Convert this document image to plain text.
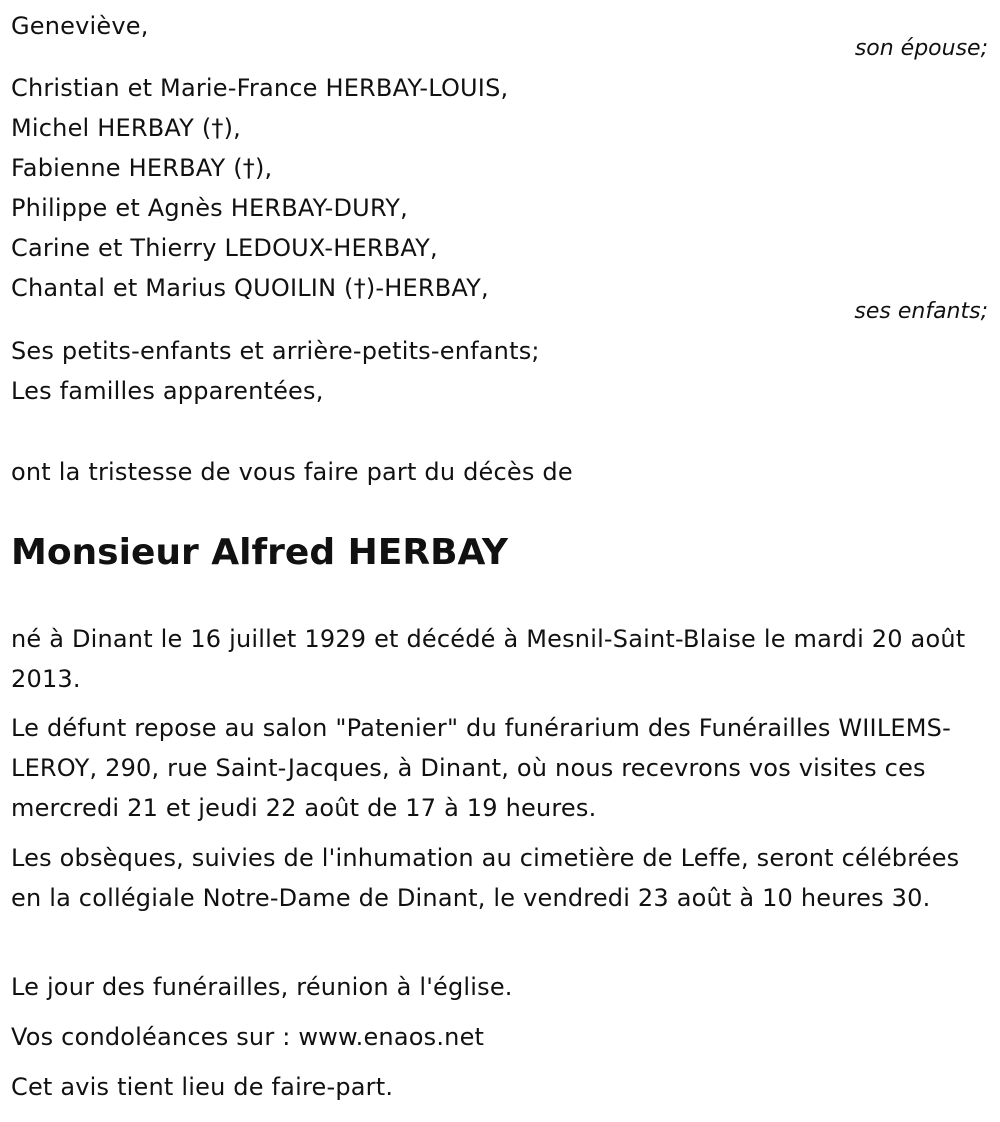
Geneviève,
son épouse;
Christian et Marie-France HERBAY-LOUIS,
Michel HERBAY (†),
Fabienne HERBAY (†),
Philippe et Agnès HERBAY-DURY,
Carine et Thierry LEDOUX-HERBAY,
Chantal et Marius QUOILIN (†)-HERBAY,
ses enfants;
Ses petits-enfants et arrière-petits-enfants;
Les familles apparentées,
ont la tristesse de vous faire part du décès de
Monsieur Alfred HERBAY
né à Dinant le 16 juillet 1929 et décédé à Mesnil-Saint-Blaise le mardi 20 août 2013.
Le défunt repose au salon "Patenier" du funérarium des Funérailles WIILEMS-LEROY, 290, rue Saint-Jacques, à Dinant, où nous recevrons vos visites ces mercredi 21 et jeudi 22 août de 17 à 19 heures.
Les obsèques, suivies de l'inhumation au cimetière de Leffe, seront célébrées en la collégiale Notre-Dame de Dinant, le vendredi 23 août à 10 heures 30.
Le jour des funérailles, réunion à l'église.
Vos condoléances sur : www.enaos.net
Cet avis tient lieu de faire-part.
